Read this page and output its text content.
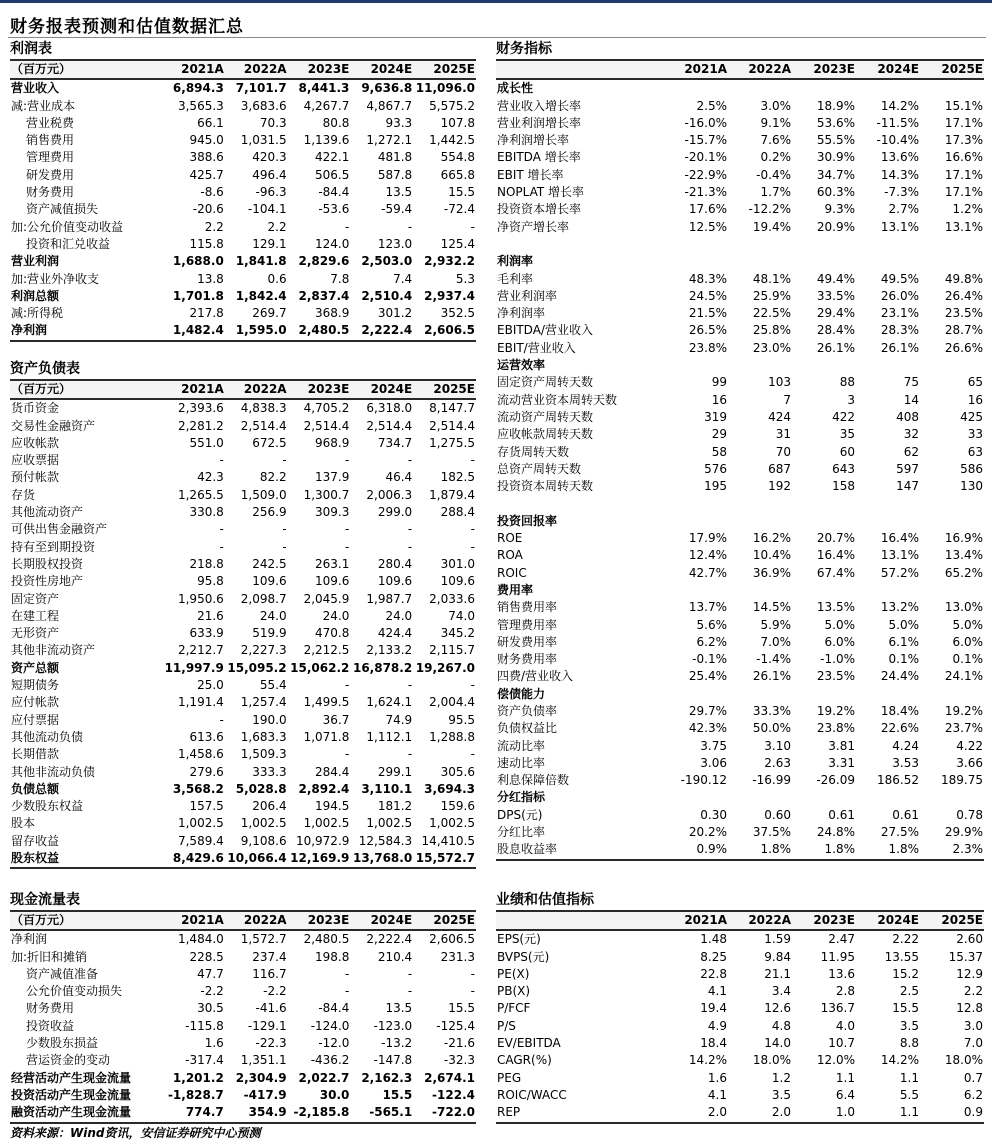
财务报表预测和估值数据汇总
利润表
（百万元）	2021A	2022A	2023E	2024E	2025E
营业收入	6,894.3	7,101.7	8,441.3	9,636.8	11,096.0
减:营业成本	3,565.3	3,683.6	4,267.7	4,867.7	5,575.2
营业税费	66.1	70.3	80.8	93.3	107.8
销售费用	945.0	1,031.5	1,139.6	1,272.1	1,442.5
管理费用	388.6	420.3	422.1	481.8	554.8
研发费用	425.7	496.4	506.5	587.8	665.8
财务费用	-8.6	-96.3	-84.4	13.5	15.5
资产减值损失	-20.6	-104.1	-53.6	-59.4	-72.4
加:公允价值变动收益	2.2	2.2	-	-	-
投资和汇兑收益	115.8	129.1	124.0	123.0	125.4
营业利润	1,688.0	1,841.8	2,829.6	2,503.0	2,932.2
加:营业外净收支	13.8	0.6	7.8	7.4	5.3
利润总额	1,701.8	1,842.4	2,837.4	2,510.4	2,937.4
减:所得税	217.8	269.7	368.9	301.2	352.5
净利润	1,482.4	1,595.0	2,480.5	2,222.4	2,606.5
资产负债表
（百万元）	2021A	2022A	2023E	2024E	2025E
货币资金	2,393.6	4,838.3	4,705.2	6,318.0	8,147.7
交易性金融资产	2,281.2	2,514.4	2,514.4	2,514.4	2,514.4
应收帐款	551.0	672.5	968.9	734.7	1,275.5
应收票据	-	-	-	-	-
预付帐款	42.3	82.2	137.9	46.4	182.5
存货	1,265.5	1,509.0	1,300.7	2,006.3	1,879.4
其他流动资产	330.8	256.9	309.3	299.0	288.4
可供出售金融资产	-	-	-	-	-
持有至到期投资	-	-	-	-	-
长期股权投资	218.8	242.5	263.1	280.4	301.0
投资性房地产	95.8	109.6	109.6	109.6	109.6
固定资产	1,950.6	2,098.7	2,045.9	1,987.7	2,033.6
在建工程	21.6	24.0	24.0	24.0	74.0
无形资产	633.9	519.9	470.8	424.4	345.2
其他非流动资产	2,212.7	2,227.3	2,212.5	2,133.2	2,115.7
资产总额	11,997.9	15,095.2	15,062.2	16,878.2	19,267.0
短期债务	25.0	55.4	-	-	-
应付帐款	1,191.4	1,257.4	1,499.5	1,624.1	2,004.4
应付票据	-	190.0	36.7	74.9	95.5
其他流动负债	613.6	1,683.3	1,071.8	1,112.1	1,288.8
长期借款	1,458.6	1,509.3	-	-	-
其他非流动负债	279.6	333.3	284.4	299.1	305.6
负债总额	3,568.2	5,028.8	2,892.4	3,110.1	3,694.3
少数股东权益	157.5	206.4	194.5	181.2	159.6
股本	1,002.5	1,002.5	1,002.5	1,002.5	1,002.5
留存收益	7,589.4	9,108.6	10,972.9	12,584.3	14,410.5
股东权益	8,429.6	10,066.4	12,169.9	13,768.0	15,572.7
现金流量表
（百万元）	2021A	2022A	2023E	2024E	2025E
净利润	1,484.0	1,572.7	2,480.5	2,222.4	2,606.5
加:折旧和摊销	228.5	237.4	198.8	210.4	231.3
资产减值准备	47.7	116.7	-	-	-
公允价值变动损失	-2.2	-2.2	-	-	-
财务费用	30.5	-41.6	-84.4	13.5	15.5
投资收益	-115.8	-129.1	-124.0	-123.0	-125.4
少数股东损益	1.6	-22.3	-12.0	-13.2	-21.6
营运资金的变动	-317.4	1,351.1	-436.2	-147.8	-32.3
经营活动产生现金流量	1,201.2	2,304.9	2,022.7	2,162.3	2,674.1
投资活动产生现金流量	-1,828.7	-417.9	30.0	15.5	-122.4
融资活动产生现金流量	774.7	354.9	-2,185.8	-565.1	-722.0
财务指标
	2021A	2022A	2023E	2024E	2025E
成长性					
营业收入增长率	2.5%	3.0%	18.9%	14.2%	15.1%
营业利润增长率	-16.0%	9.1%	53.6%	-11.5%	17.1%
净利润增长率	-15.7%	7.6%	55.5%	-10.4%	17.3%
EBITDA 增长率	-20.1%	0.2%	30.9%	13.6%	16.6%
EBIT 增长率	-22.9%	-0.4%	34.7%	14.3%	17.1%
NOPLAT 增长率	-21.3%	1.7%	60.3%	-7.3%	17.1%
投资资本增长率	17.6%	-12.2%	9.3%	2.7%	1.2%
净资产增长率	12.5%	19.4%	20.9%	13.1%	13.1%

利润率					
毛利率	48.3%	48.1%	49.4%	49.5%	49.8%
营业利润率	24.5%	25.9%	33.5%	26.0%	26.4%
净利润率	21.5%	22.5%	29.4%	23.1%	23.5%
EBITDA/营业收入	26.5%	25.8%	28.4%	28.3%	28.7%
EBIT/营业收入	23.8%	23.0%	26.1%	26.1%	26.6%
运营效率					
固定资产周转天数	99	103	88	75	65
流动营业资本周转天数	16	7	3	14	16
流动资产周转天数	319	424	422	408	425
应收帐款周转天数	29	31	35	32	33
存货周转天数	58	70	60	62	63
总资产周转天数	576	687	643	597	586
投资资本周转天数	195	192	158	147	130

投资回报率					
ROE	17.9%	16.2%	20.7%	16.4%	16.9%
ROA	12.4%	10.4%	16.4%	13.1%	13.4%
ROIC	42.7%	36.9%	67.4%	57.2%	65.2%
费用率					
销售费用率	13.7%	14.5%	13.5%	13.2%	13.0%
管理费用率	5.6%	5.9%	5.0%	5.0%	5.0%
研发费用率	6.2%	7.0%	6.0%	6.1%	6.0%
财务费用率	-0.1%	-1.4%	-1.0%	0.1%	0.1%
四费/营业收入	25.4%	26.1%	23.5%	24.4%	24.1%
偿债能力					
资产负债率	29.7%	33.3%	19.2%	18.4%	19.2%
负债权益比	42.3%	50.0%	23.8%	22.6%	23.7%
流动比率	3.75	3.10	3.81	4.24	4.22
速动比率	3.06	2.63	3.31	3.53	3.66
利息保障倍数	-190.12	-16.99	-26.09	186.52	189.75
分红指标					
DPS(元)	0.30	0.60	0.61	0.61	0.78
分红比率	20.2%	37.5%	24.8%	27.5%	29.9%
股息收益率	0.9%	1.8%	1.8%	1.8%	2.3%
业绩和估值指标
	2021A	2022A	2023E	2024E	2025E
EPS(元)	1.48	1.59	2.47	2.22	2.60
BVPS(元)	8.25	9.84	11.95	13.55	15.37
PE(X)	22.8	21.1	13.6	15.2	12.9
PB(X)	4.1	3.4	2.8	2.5	2.2
P/FCF	19.4	12.6	136.7	15.5	12.8
P/S	4.9	4.8	4.0	3.5	3.0
EV/EBITDA	18.4	14.0	10.7	8.8	7.0
CAGR(%)	14.2%	18.0%	12.0%	14.2%	18.0%
PEG	1.6	1.2	1.1	1.1	0.7
ROIC/WACC	4.1	3.5	6.4	5.5	6.2
REP	2.0	2.0	1.0	1.1	0.9
资料来源：Wind资讯，安信证券研究中心预测
